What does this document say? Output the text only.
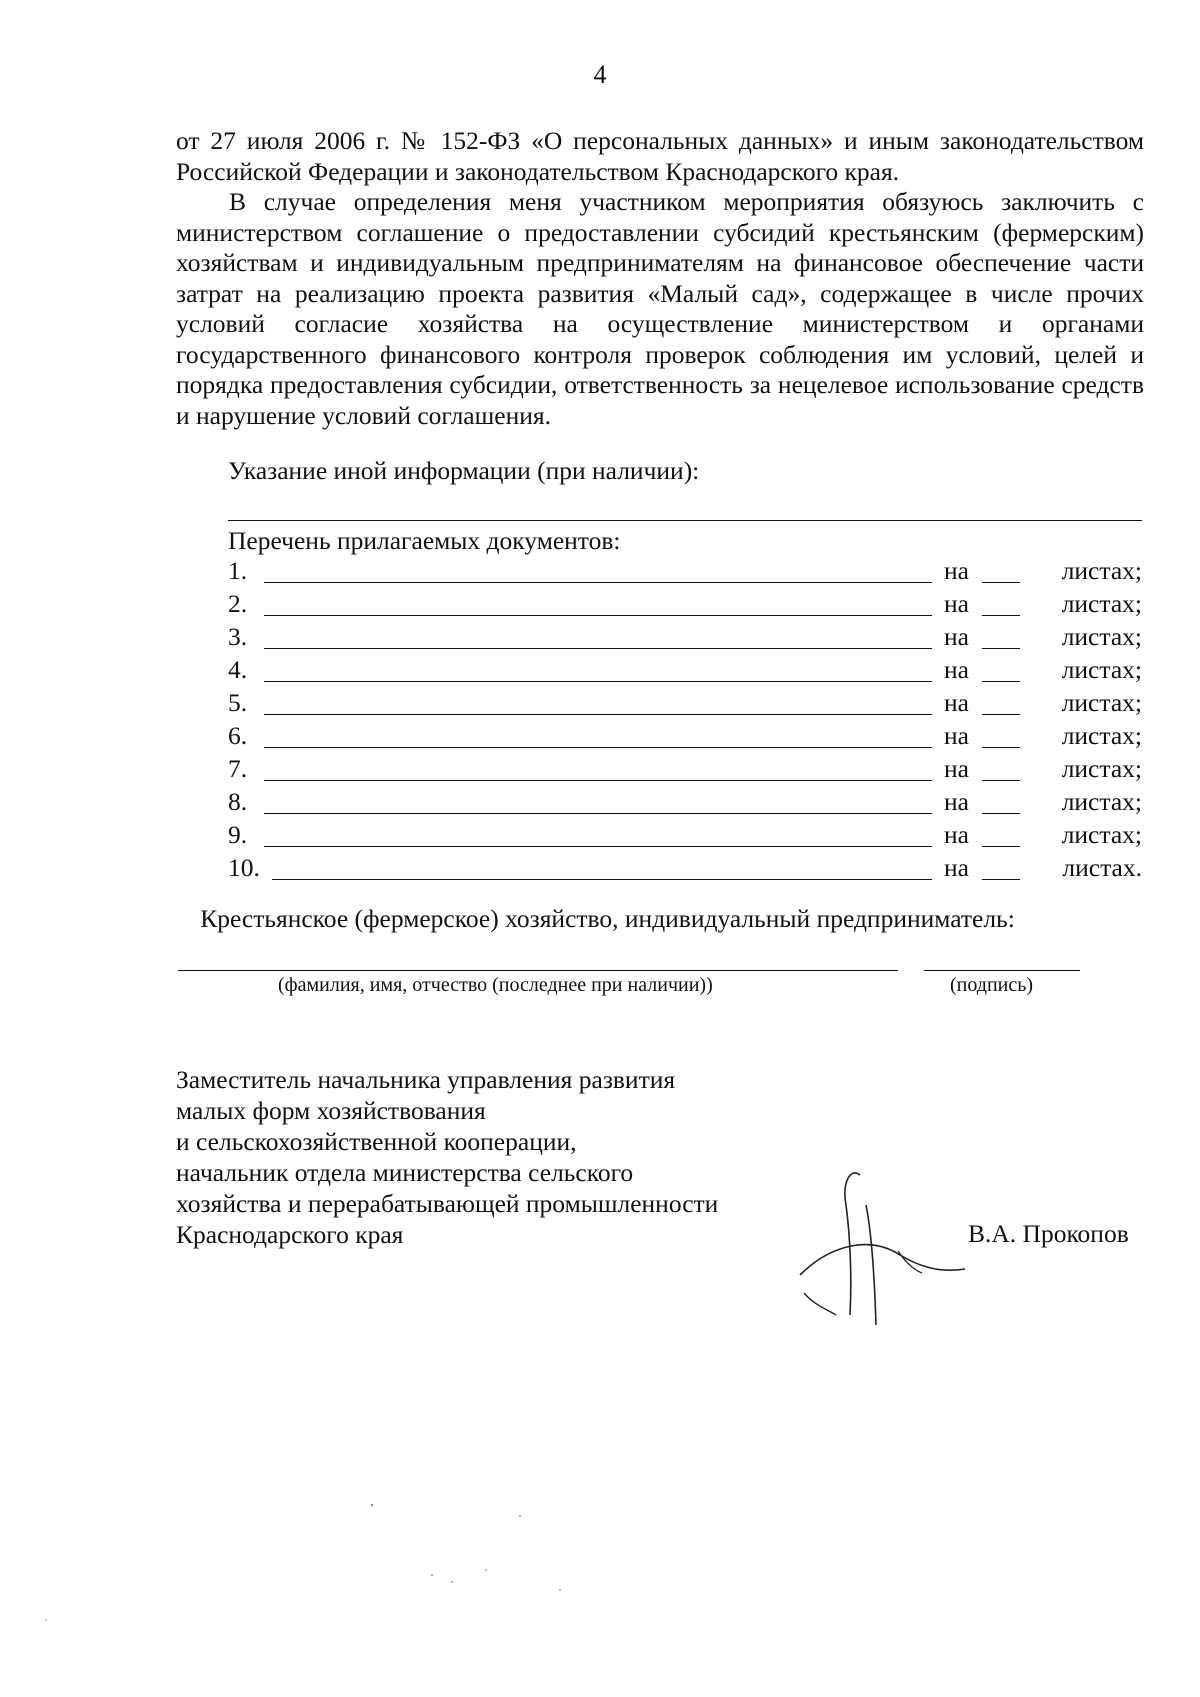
4

от 27 июля 2006 г. № 152-ФЗ «О персональных данных» и иным законодательством Российской Федерации и законодательством Краснодарского края.

В случае определения меня участником мероприятия обязуюсь заключить с министерством соглашение о предоставлении субсидий крестьянским (фермерским) хозяйствам и индивидуальным предпринимателям на финансовое обеспечение части затрат на реализацию проекта развития «Малый сад», содержащее в числе прочих условий согласие хозяйства на осуществление министерством и органами государственного финансового контроля проверок соблюдения им условий, целей и порядка предоставления субсидии, ответственность за нецелевое использование средств и нарушение условий соглашения.

Указание иной информации (при наличии):
Перечень прилагаемых документов:
1.	на	листах;
2.	на	листах;
3.	на	листах;
4.	на	листах;
5.	на	листах;
6.	на	листах;
7.	на	листах;
8.	на	листах;
9.	на	листах;
10.	на	листах.
Крестьянское (фермерское) хозяйство, индивидуальный предприниматель:
(фамилия, имя, отчество (последнее при наличии))	(подпись)
Заместитель начальника управления развития
малых форм хозяйствования
и сельскохозяйственной кооперации,
начальник отдела министерства сельского
хозяйства и перерабатывающей промышленности
Краснодарского края	В.А. Прокопов
